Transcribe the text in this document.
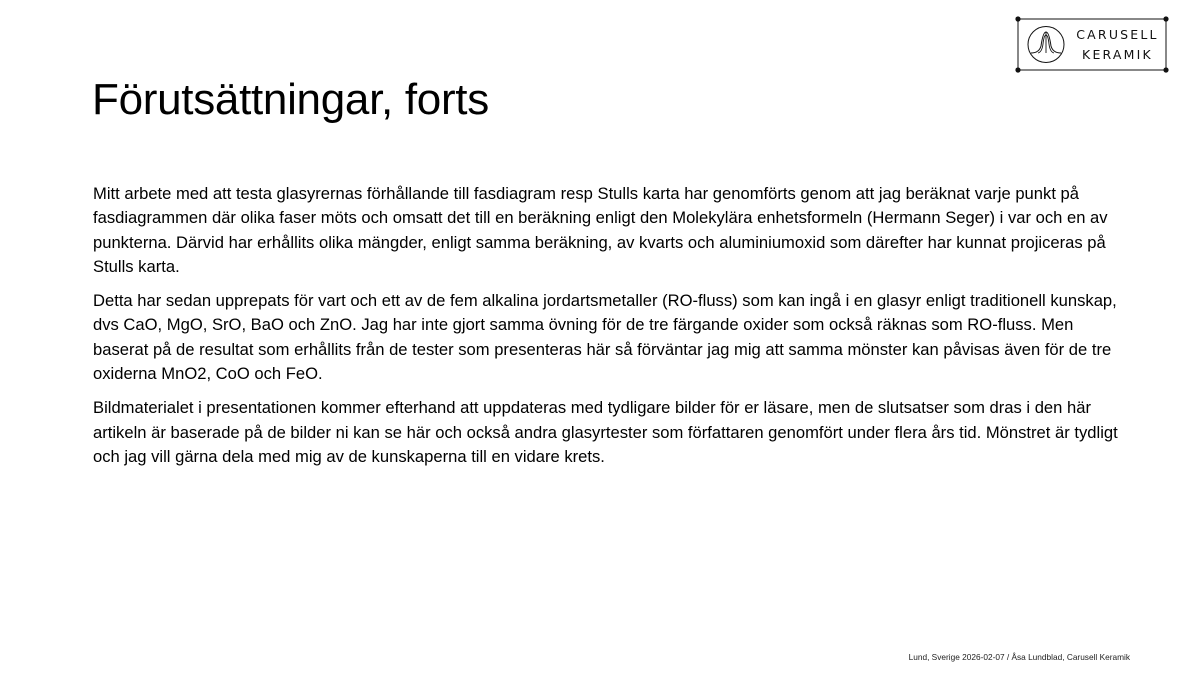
CARUSELL
KERAMIK
Förutsättningar, forts

Mitt arbete med att testa glasyrernas förhållande till fasdiagram resp Stulls karta har genomförts genom att jag beräknat varje punkt på fasdiagrammen där olika faser möts och omsatt det till en beräkning enligt den Molekylära enhetsformeln (Hermann Seger) i var och en av punkterna. Därvid har erhållits olika mängder, enligt samma beräkning, av kvarts och aluminiumoxid som därefter har kunnat projiceras på Stulls karta.

Detta har sedan upprepats för vart och ett av de fem alkalina jordartsmetaller (RO-fluss) som kan ingå i en glasyr enligt traditionell kunskap, dvs CaO, MgO, SrO, BaO och ZnO. Jag har inte gjort samma övning för de tre färgande oxider som också räknas som RO-fluss. Men baserat på de resultat som erhållits från de tester som presenteras här så förväntar jag mig att samma mönster kan påvisas även för de tre oxiderna MnO2, CoO och FeO.

Bildmaterialet i presentationen kommer efterhand att uppdateras med tydligare bilder för er läsare, men de slutsatser som dras i den här artikeln är baserade på de bilder ni kan se här och också andra glasyrtester som författaren genomfört under flera års tid. Mönstret är tydligt och jag vill gärna dela med mig av de kunskaperna till en vidare krets.

Lund, Sverige 2026-02-07 / Åsa Lundblad, Carusell Keramik
